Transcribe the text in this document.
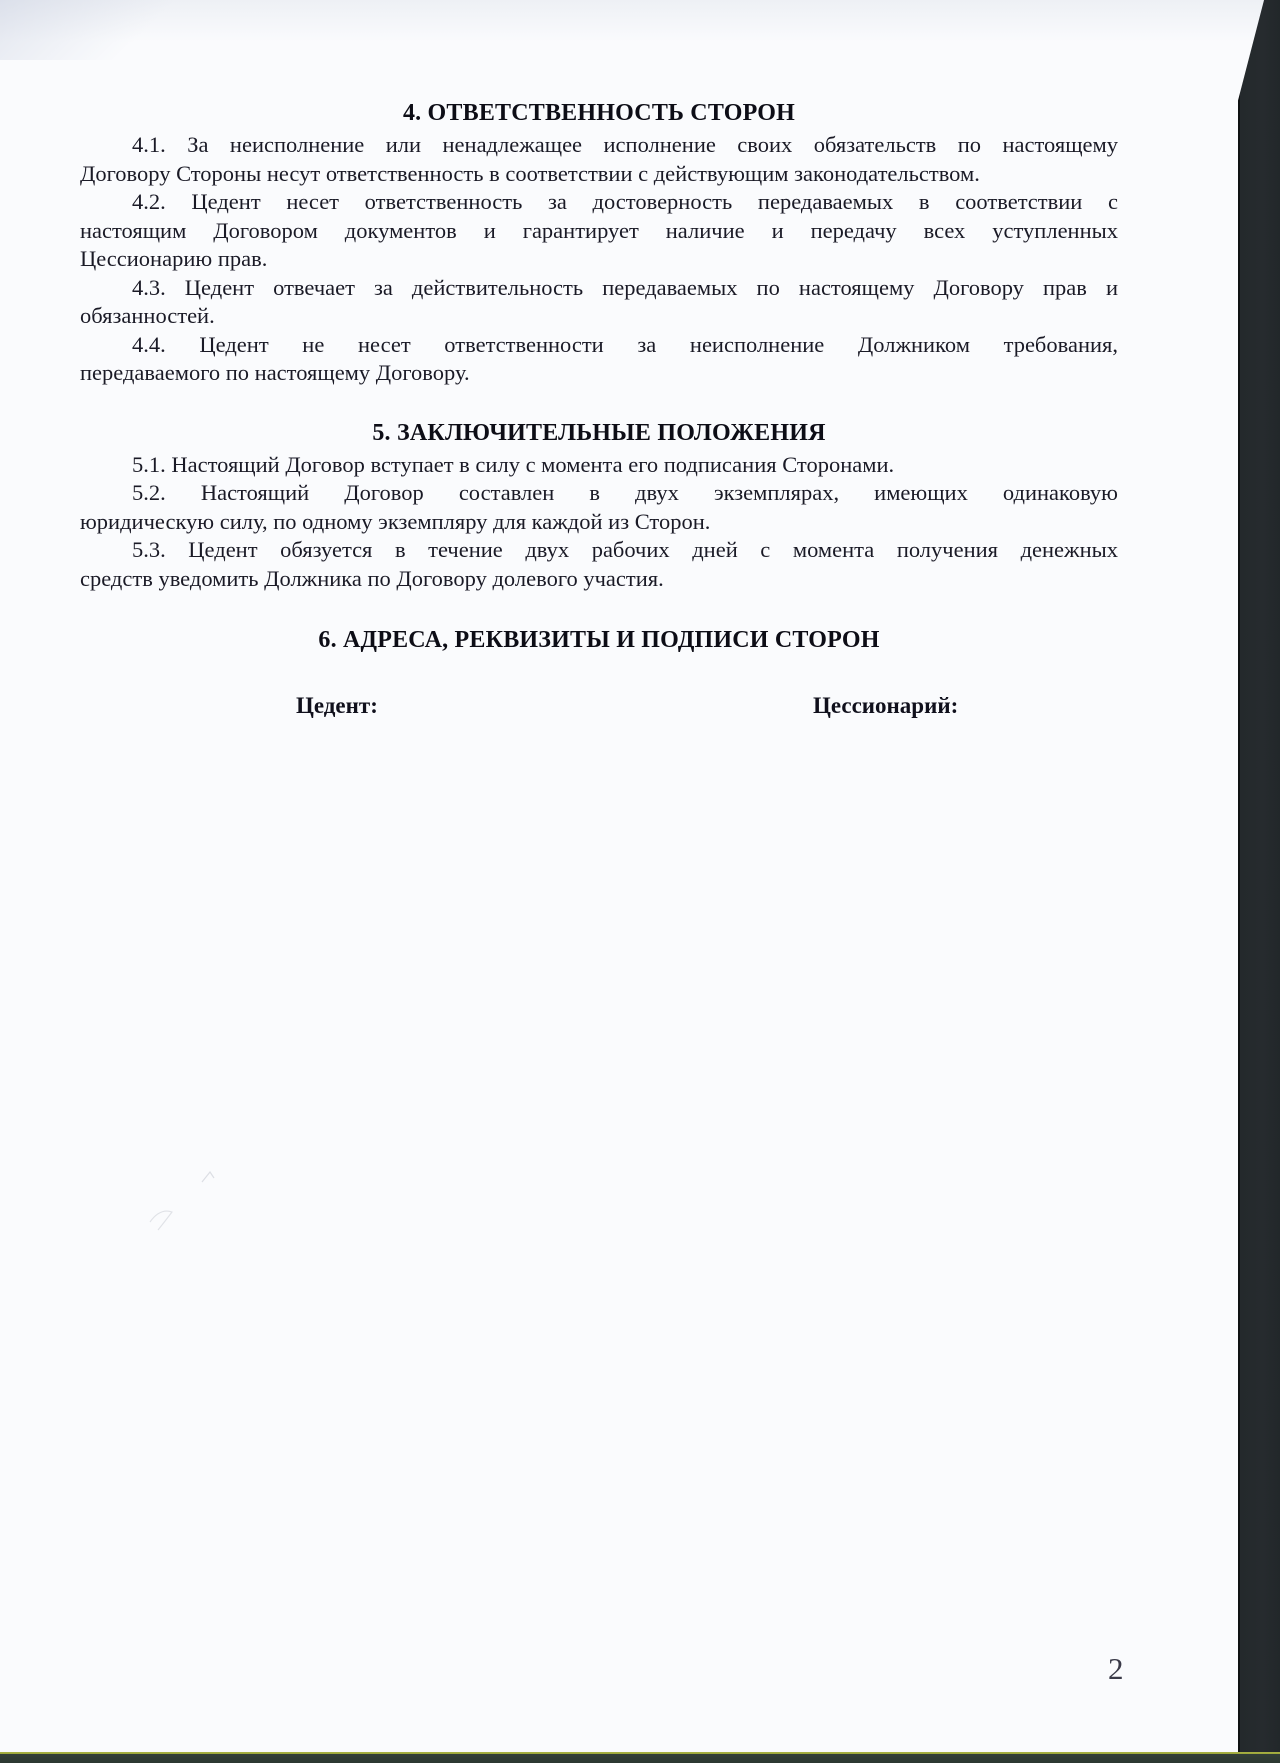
4. ОТВЕТСТВЕННОСТЬ СТОРОН
4.1. За неисполнение или ненадлежащее исполнение своих обязательств по настоящему
Договору Стороны несут ответственность в соответствии с действующим законодательством.
4.2. Цедент несет ответственность за достоверность передаваемых в соответствии с
настоящим Договором документов и гарантирует наличие и передачу всех уступленных
Цессионарию прав.
4.3. Цедент отвечает за действительность передаваемых по настоящему Договору прав и
обязанностей.
4.4. Цедент не несет ответственности за неисполнение Должником требования,
передаваемого по настоящему Договору.
5. ЗАКЛЮЧИТЕЛЬНЫЕ ПОЛОЖЕНИЯ
5.1. Настоящий Договор вступает в силу с момента его подписания Сторонами.
5.2. Настоящий Договор составлен в двух экземплярах, имеющих одинаковую
юридическую силу, по одному экземпляру для каждой из Сторон.
5.3. Цедент обязуется в течение двух рабочих дней с момента получения денежных
средств уведомить Должника по Договору долевого участия.
6. АДРЕСА, РЕКВИЗИТЫ И ПОДПИСИ СТОРОН
Цедент:	Цессионарий:
2
